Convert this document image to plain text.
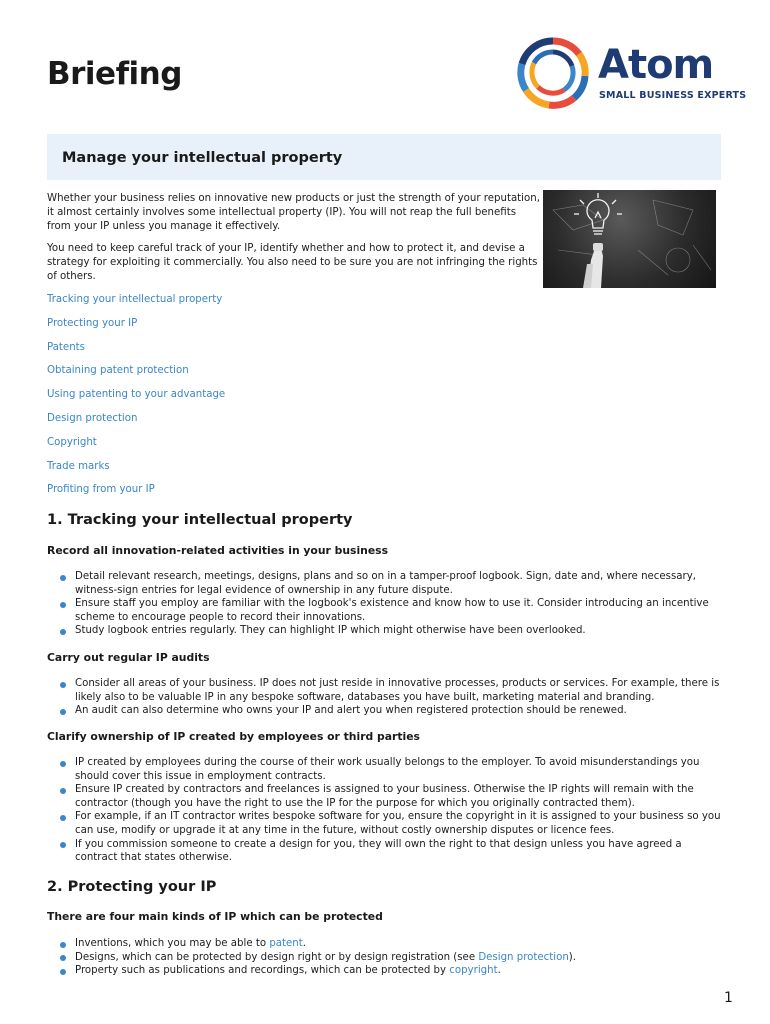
Briefing	Atom
SMALL BUSINESS EXPERTS
Manage your intellectual property

Whether your business relies on innovative new products or just the strength of your reputation, it almost certainly involves some intellectual property (IP). You will not reap the full benefits from your IP unless you manage it effectively.

You need to keep careful track of your IP, identify whether and how to protect it, and devise a strategy for exploiting it commercially. You also need to be sure you are not infringing the rights of others.

Tracking your intellectual property
Protecting your IP
Patents
Obtaining patent protection
Using patenting to your advantage
Design protection
Copyright
Trade marks
Profiting from your IP
1. Tracking your intellectual property
Record all innovation-related activities in your business
Detail relevant research, meetings, designs, plans and so on in a tamper-proof logbook. Sign, date and, where necessary, witness-sign entries for legal evidence of ownership in any future dispute.
Ensure staff you employ are familiar with the logbook's existence and know how to use it. Consider introducing an incentive scheme to encourage people to record their innovations.
Study logbook entries regularly. They can highlight IP which might otherwise have been overlooked.
Carry out regular IP audits
Consider all areas of your business. IP does not just reside in innovative processes, products or services. For example, there is likely also to be valuable IP in any bespoke software, databases you have built, marketing material and branding.
An audit can also determine who owns your IP and alert you when registered protection should be renewed.
Clarify ownership of IP created by employees or third parties
IP created by employees during the course of their work usually belongs to the employer. To avoid misunderstandings you should cover this issue in employment contracts.
Ensure IP created by contractors and freelances is assigned to your business. Otherwise the IP rights will remain with the contractor (though you have the right to use the IP for the purpose for which you originally contracted them).
For example, if an IT contractor writes bespoke software for you, ensure the copyright in it is assigned to your business so you can use, modify or upgrade it at any time in the future, without costly ownership disputes or licence fees.
If you commission someone to create a design for you, they will own the right to that design unless you have agreed a contract that states otherwise.
2. Protecting your IP
There are four main kinds of IP which can be protected
Inventions, which you may be able to patent.
Designs, which can be protected by design right or by design registration (see Design protection).
Property such as publications and recordings, which can be protected by copyright.
1
